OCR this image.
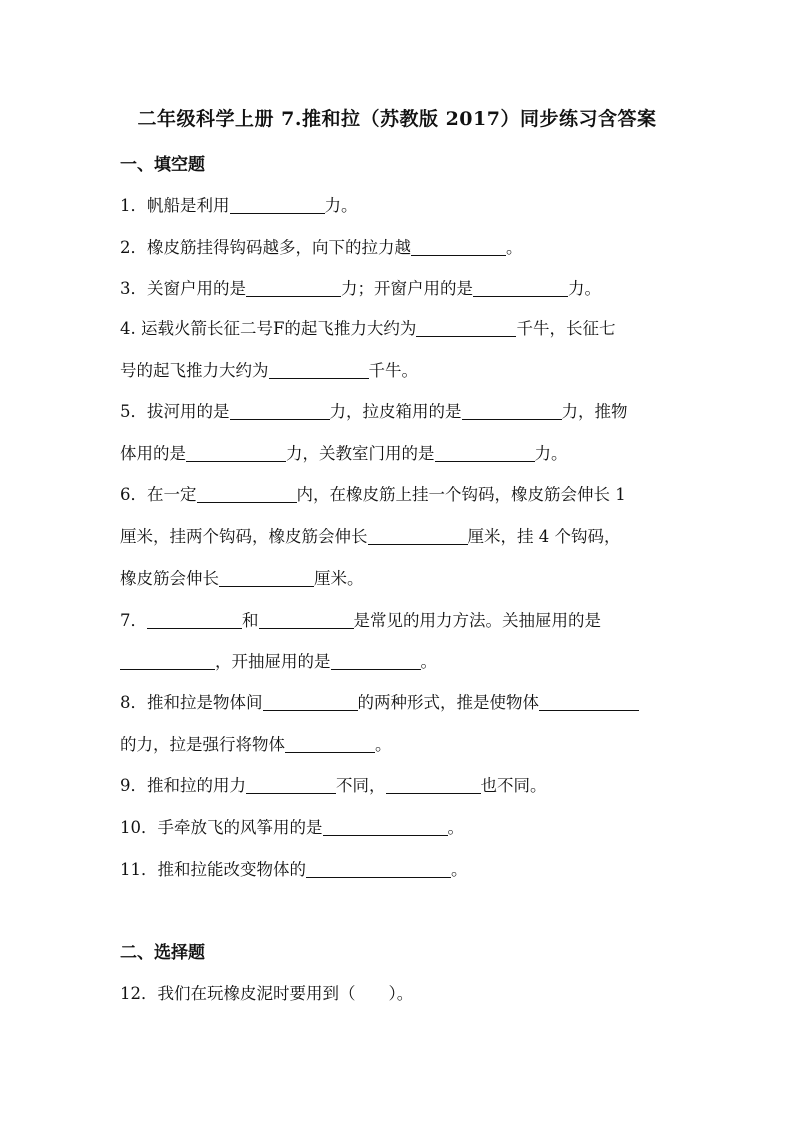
二年级科学上册 7.推和拉（苏教版 2017）同步练习含答案
一、填空题
1．帆船是利用	力。
2．橡皮筋挂得钩码越多，向下的拉力越	。
3．关窗户用的是	力；开窗户用的是	力。
4. 运载火箭长征二号F的起飞推力大约为	千牛，长征七
号的起飞推力大约为	千牛。
5．拔河用的是	力，拉皮箱用的是	力，推物
体用的是	力，关教室门用的是	力。
6．在一定	内，在橡皮筋上挂一个钩码，橡皮筋会伸长 1
厘米，挂两个钩码，橡皮筋会伸长	厘米，挂 4 个钩码，
橡皮筋会伸长	厘米。
7．	和	是常见的用力方法。关抽屉用的是
，开抽屉用的是	。
8．推和拉是物体间	的两种形式，推是使物体
的力，拉是强行将物体	。
9．推和拉的用力	不同，	也不同。
10．手牵放飞的风筝用的是	。
11．推和拉能改变物体的	。
12．我们在玩橡皮泥时要用到（　　）。
二、选择题
